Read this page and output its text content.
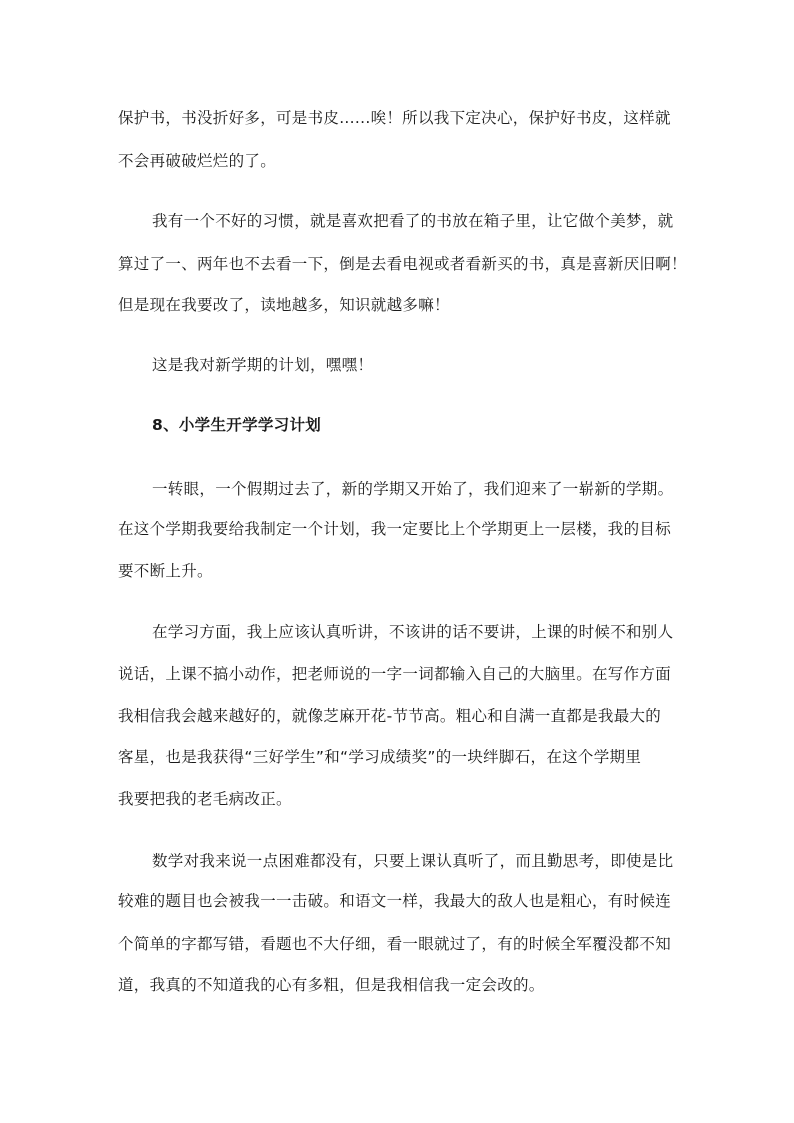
保护书，书没折好多，可是书皮......唉！所以我下定决心，保护好书皮，这样就
不会再破破烂烂的了。
我有一个不好的习惯，就是喜欢把看了的书放在箱子里，让它做个美梦，就
算过了一、两年也不去看一下，倒是去看电视或者看新买的书，真是喜新厌旧啊！
但是现在我要改了，读地越多，知识就越多嘛！
这是我对新学期的计划，嘿嘿！
8、小学生开学学习计划
一转眼，一个假期过去了，新的学期又开始了，我们迎来了一崭新的学期。
在这个学期我要给我制定一个计划，我一定要比上个学期更上一层楼，我的目标
要不断上升。
在学习方面，我上应该认真听讲，不该讲的话不要讲，上课的时候不和别人
说话，上课不搞小动作，把老师说的一字一词都输入自己的大脑里。在写作方面
我相信我会越来越好的，就像芝麻开花-节节高。粗心和自满一直都是我最大的
客星，也是我获得“三好学生”和“学习成绩奖”的一块绊脚石，在这个学期里
我要把我的老毛病改正。
数学对我来说一点困难都没有，只要上课认真听了，而且勤思考，即使是比
较难的题目也会被我一一击破。和语文一样，我最大的敌人也是粗心，有时候连
个简单的字都写错，看题也不大仔细，看一眼就过了，有的时候全军覆没都不知
道，我真的不知道我的心有多粗，但是我相信我一定会改的。
